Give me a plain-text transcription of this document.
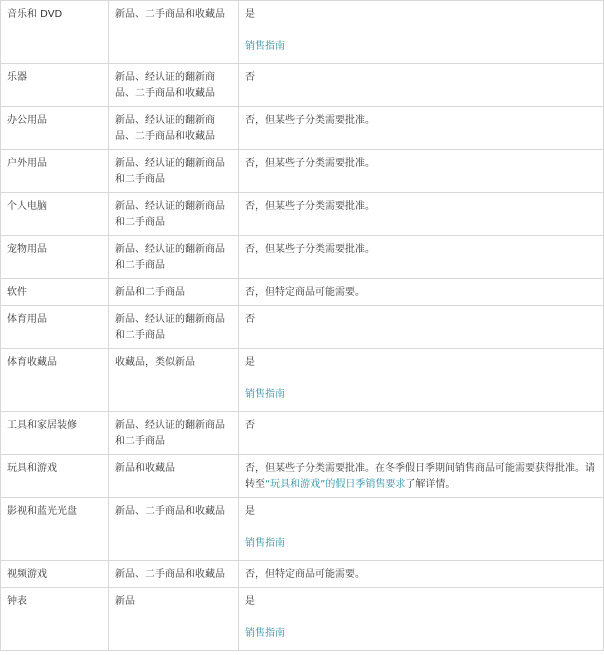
音乐和 DVD	新品、二手商品和收藏品	是
销售指南
乐器	新品、经认证的翻新商品、二手商品和收藏品	否
办公用品	新品、经认证的翻新商品、二手商品和收藏品	否，但某些子分类需要批准。
户外用品	新品、经认证的翻新商品和二手商品	否，但某些子分类需要批准。
个人电脑	新品、经认证的翻新商品和二手商品	否，但某些子分类需要批准。
宠物用品	新品、经认证的翻新商品和二手商品	否，但某些子分类需要批准。
软件	新品和二手商品	否，但特定商品可能需要。
体育用品	新品、经认证的翻新商品和二手商品	否
体育收藏品	收藏品，类似新品	是
销售指南
工具和家居装修	新品、经认证的翻新商品和二手商品	否
玩具和游戏	新品和收藏品	否，但某些子分类需要批准。在冬季假日季期间销售商品可能需要获得批准。请转至“玩具和游戏”的假日季销售要求了解详情。
影视和蓝光光盘	新品、二手商品和收藏品	是
销售指南
视频游戏	新品、二手商品和收藏品	否，但特定商品可能需要。
钟表	新品	是
销售指南
